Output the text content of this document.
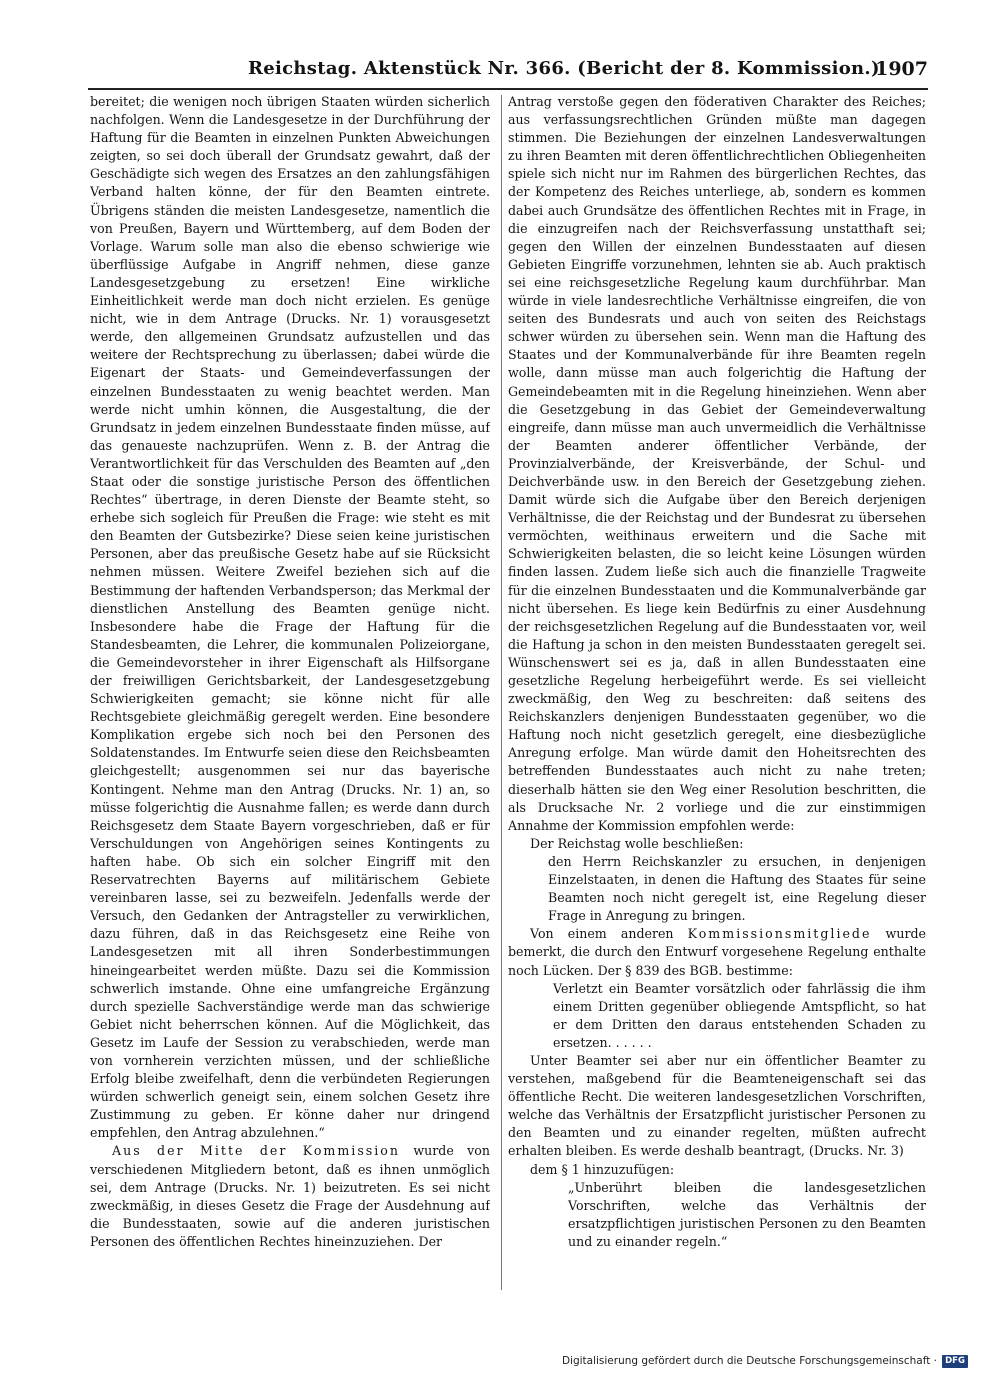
Reichstag. Aktenstück Nr. 366. (Bericht der 8. Kommission.)
1907

bereitet; die wenigen noch übrigen Staaten würden sicherlich nachfolgen. Wenn die Landesgesetze in der Durchführung der Haftung für die Beamten in einzelnen Punkten Abweichungen zeigten, so sei doch überall der Grundsatz gewahrt, daß der Geschädigte sich wegen des Ersatzes an den zahlungsfähigen Verband halten könne, der für den Beamten eintrete. Übrigens ständen die meisten Landesgesetze, namentlich die von Preußen, Bayern und Württemberg, auf dem Boden der Vorlage. Warum solle man also die ebenso schwierige wie überflüssige Aufgabe in Angriff nehmen, diese ganze Landesgesetzgebung zu ersetzen! Eine wirkliche Einheitlichkeit werde man doch nicht erzielen. Es genüge nicht, wie in dem Antrage (Drucks. Nr. 1) vorausgesetzt werde, den allgemeinen Grundsatz aufzustellen und das weitere der Rechtsprechung zu überlassen; dabei würde die Eigenart der Staats- und Gemeindeverfassungen der einzelnen Bundesstaaten zu wenig beachtet werden. Man werde nicht umhin können, die Ausgestaltung, die der Grundsatz in jedem einzelnen Bundesstaate finden müsse, auf das genaueste nachzuprüfen. Wenn z. B. der Antrag die Verantwortlichkeit für das Verschulden des Beamten auf „den Staat oder die sonstige juristische Person des öffentlichen Rechtes“ übertrage, in deren Dienste der Beamte steht, so erhebe sich sogleich für Preußen die Frage: wie steht es mit den Beamten der Gutsbezirke? Diese seien keine juristischen Personen, aber das preußische Gesetz habe auf sie Rücksicht nehmen müssen. Weitere Zweifel beziehen sich auf die Bestimmung der haftenden Verbandsperson; das Merkmal der dienstlichen Anstellung des Beamten genüge nicht. Insbesondere habe die Frage der Haftung für die Standesbeamten, die Lehrer, die kommunalen Polizeiorgane, die Gemeindevorsteher in ihrer Eigenschaft als Hilfsorgane der freiwilligen Gerichtsbarkeit, der Landesgesetzgebung Schwierigkeiten gemacht; sie könne nicht für alle Rechtsgebiete gleichmäßig geregelt werden. Eine besondere Komplikation ergebe sich noch bei den Personen des Soldatenstandes. Im Entwurfe seien diese den Reichsbeamten gleichgestellt; ausgenommen sei nur das bayerische Kontingent. Nehme man den Antrag (Drucks. Nr. 1) an, so müsse folgerichtig die Ausnahme fallen; es werde dann durch Reichsgesetz dem Staate Bayern vorgeschrieben, daß er für Verschuldungen von Angehörigen seines Kontingents zu haften habe. Ob sich ein solcher Eingriff mit den Reservatrechten Bayerns auf militärischem Gebiete vereinbaren lasse, sei zu bezweifeln. Jedenfalls werde der Versuch, den Gedanken der Antragsteller zu verwirklichen, dazu führen, daß in das Reichsgesetz eine Reihe von Landesgesetzen mit all ihren Sonderbestimmungen hineingearbeitet werden müßte. Dazu sei die Kommission schwerlich imstande. Ohne eine umfangreiche Ergänzung durch spezielle Sachverständige werde man das schwierige Gebiet nicht beherrschen können. Auf die Möglichkeit, das Gesetz im Laufe der Session zu verabschieden, werde man von vornherein verzichten müssen, und der schließliche Erfolg bleibe zweifelhaft, denn die verbündeten Regierungen würden schwerlich geneigt sein, einem solchen Gesetz ihre Zustimmung zu geben. Er könne daher nur dringend empfehlen, den Antrag abzulehnen.“

Aus der Mitte der Kommission wurde von verschiedenen Mitgliedern betont, daß es ihnen unmöglich sei, dem Antrage (Drucks. Nr. 1) beizutreten. Es sei nicht zweckmäßig, in dieses Gesetz die Frage der Ausdehnung auf die Bundesstaaten, sowie auf die anderen juristischen Personen des öffentlichen Rechtes hineinzuziehen. Der

Antrag verstoße gegen den föderativen Charakter des Reiches; aus verfassungsrechtlichen Gründen müßte man dagegen stimmen. Die Beziehungen der einzelnen Landesverwaltungen zu ihren Beamten mit deren öffentlichrechtlichen Obliegenheiten spiele sich nicht nur im Rahmen des bürgerlichen Rechtes, das der Kompetenz des Reiches unterliege, ab, sondern es kommen dabei auch Grundsätze des öffentlichen Rechtes mit in Frage, in die einzugreifen nach der Reichsverfassung unstatthaft sei; gegen den Willen der einzelnen Bundesstaaten auf diesen Gebieten Eingriffe vorzunehmen, lehnten sie ab. Auch praktisch sei eine reichsgesetzliche Regelung kaum durchführbar. Man würde in viele landesrechtliche Verhältnisse eingreifen, die von seiten des Bundesrats und auch von seiten des Reichstags schwer würden zu übersehen sein. Wenn man die Haftung des Staates und der Kommunalverbände für ihre Beamten regeln wolle, dann müsse man auch folgerichtig die Haftung der Gemeindebeamten mit in die Regelung hineinziehen. Wenn aber die Gesetzgebung in das Gebiet der Gemeindeverwaltung eingreife, dann müsse man auch unvermeidlich die Verhältnisse der Beamten anderer öffentlicher Verbände, der Provinzialverbände, der Kreisverbände, der Schul- und Deichverbände usw. in den Bereich der Gesetzgebung ziehen. Damit würde sich die Aufgabe über den Bereich derjenigen Verhältnisse, die der Reichstag und der Bundesrat zu übersehen vermöchten, weithinaus erweitern und die Sache mit Schwierigkeiten belasten, die so leicht keine Lösungen würden finden lassen. Zudem ließe sich auch die finanzielle Tragweite für die einzelnen Bundesstaaten und die Kommunalverbände gar nicht übersehen. Es liege kein Bedürfnis zu einer Ausdehnung der reichsgesetzlichen Regelung auf die Bundesstaaten vor, weil die Haftung ja schon in den meisten Bundesstaaten geregelt sei. Wünschenswert sei es ja, daß in allen Bundesstaaten eine gesetzliche Regelung herbeigeführt werde. Es sei vielleicht zweckmäßig, den Weg zu beschreiten: daß seitens des Reichskanzlers denjenigen Bundesstaaten gegenüber, wo die Haftung noch nicht gesetzlich geregelt, eine diesbezügliche Anregung erfolge. Man würde damit den Hoheitsrechten des betreffenden Bundesstaates auch nicht zu nahe treten; dieserhalb hätten sie den Weg einer Resolution beschritten, die als Drucksache Nr. 2 vorliege und die zur einstimmigen Annahme der Kommission empfohlen werde:

Der Reichstag wolle beschließen:

den Herrn Reichskanzler zu ersuchen, in denjenigen Einzelstaaten, in denen die Haftung des Staates für seine Beamten noch nicht geregelt ist, eine Regelung dieser Frage in Anregung zu bringen.

Von einem anderen Kommissionsmitgliede wurde bemerkt, die durch den Entwurf vorgesehene Regelung enthalte noch Lücken. Der § 839 des BGB. bestimme:

Verletzt ein Beamter vorsätzlich oder fahrlässig die ihm einem Dritten gegenüber obliegende Amtspflicht, so hat er dem Dritten den daraus entstehenden Schaden zu ersetzen. . . . . .

Unter Beamter sei aber nur ein öffentlicher Beamter zu verstehen, maßgebend für die Beamteneigenschaft sei das öffentliche Recht. Die weiteren landesgesetzlichen Vorschriften, welche das Verhältnis der Ersatzpflicht juristischer Personen zu den Beamten und zu einander regelten, müßten aufrecht erhalten bleiben. Es werde deshalb beantragt, (Drucks. Nr. 3)

dem § 1 hinzuzufügen:

„Unberührt bleiben die landesgesetzlichen Vorschriften, welche das Verhältnis der ersatzpflichtigen juristischen Personen zu den Beamten und zu einander regeln.“

Digitalisierung gefördert durch die Deutsche Forschungsgemeinschaft · DFG
